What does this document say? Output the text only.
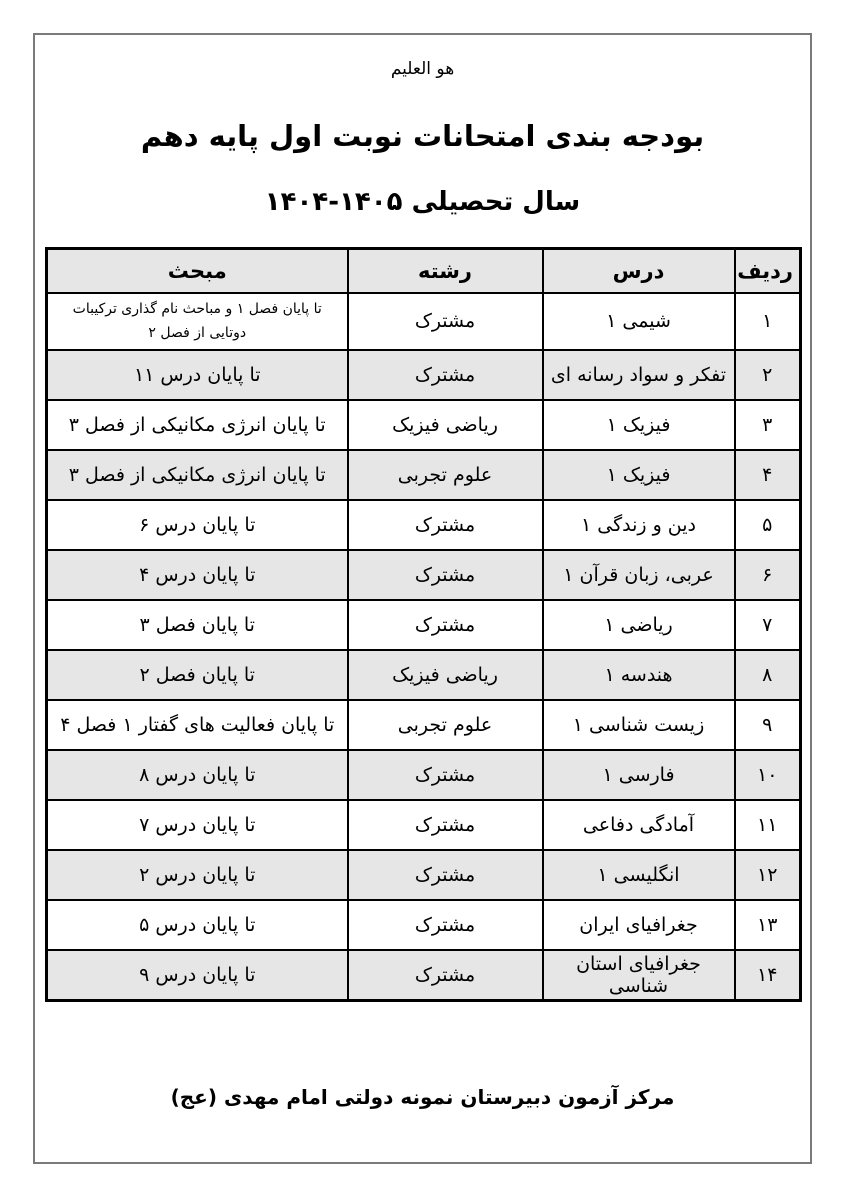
هو العلیم
بودجه بندی امتحانات نوبت اول پایه دهم
سال تحصیلی ۱۴۰۵-۱۴۰۴
ردیف	درس	رشته	مبحث
۱	شیمی ۱	مشترک	تا پایان فصل ۱ و مباحث نام گذاری ترکیبات دوتایی از فصل ۲
۲	تفکر و سواد رسانه ای	مشترک	تا پایان درس ۱۱
۳	فیزیک ۱	ریاضی فیزیک	تا پایان انرژی مکانیکی از فصل ۳
۴	فیزیک ۱	علوم تجربی	تا پایان انرژی مکانیکی از فصل ۳
۵	دین و زندگی ۱	مشترک	تا پایان درس ۶
۶	عربی، زبان قرآن ۱	مشترک	تا پایان درس ۴
۷	ریاضی ۱	مشترک	تا پایان فصل ۳
۸	هندسه ۱	ریاضی فیزیک	تا پایان فصل ۲
۹	زیست شناسی ۱	علوم تجربی	تا پایان فعالیت های گفتار ۱ فصل ۴
۱۰	فارسی ۱	مشترک	تا پایان درس ۸
۱۱	آمادگی دفاعی	مشترک	تا پایان درس ۷
۱۲	انگلیسی ۱	مشترک	تا پایان درس ۲
۱۳	جغرافیای ایران	مشترک	تا پایان درس ۵
۱۴	جغرافیای استان شناسی	مشترک	تا پایان درس ۹
مرکز آزمون دبیرستان نمونه دولتی امام مهدی (عج)
